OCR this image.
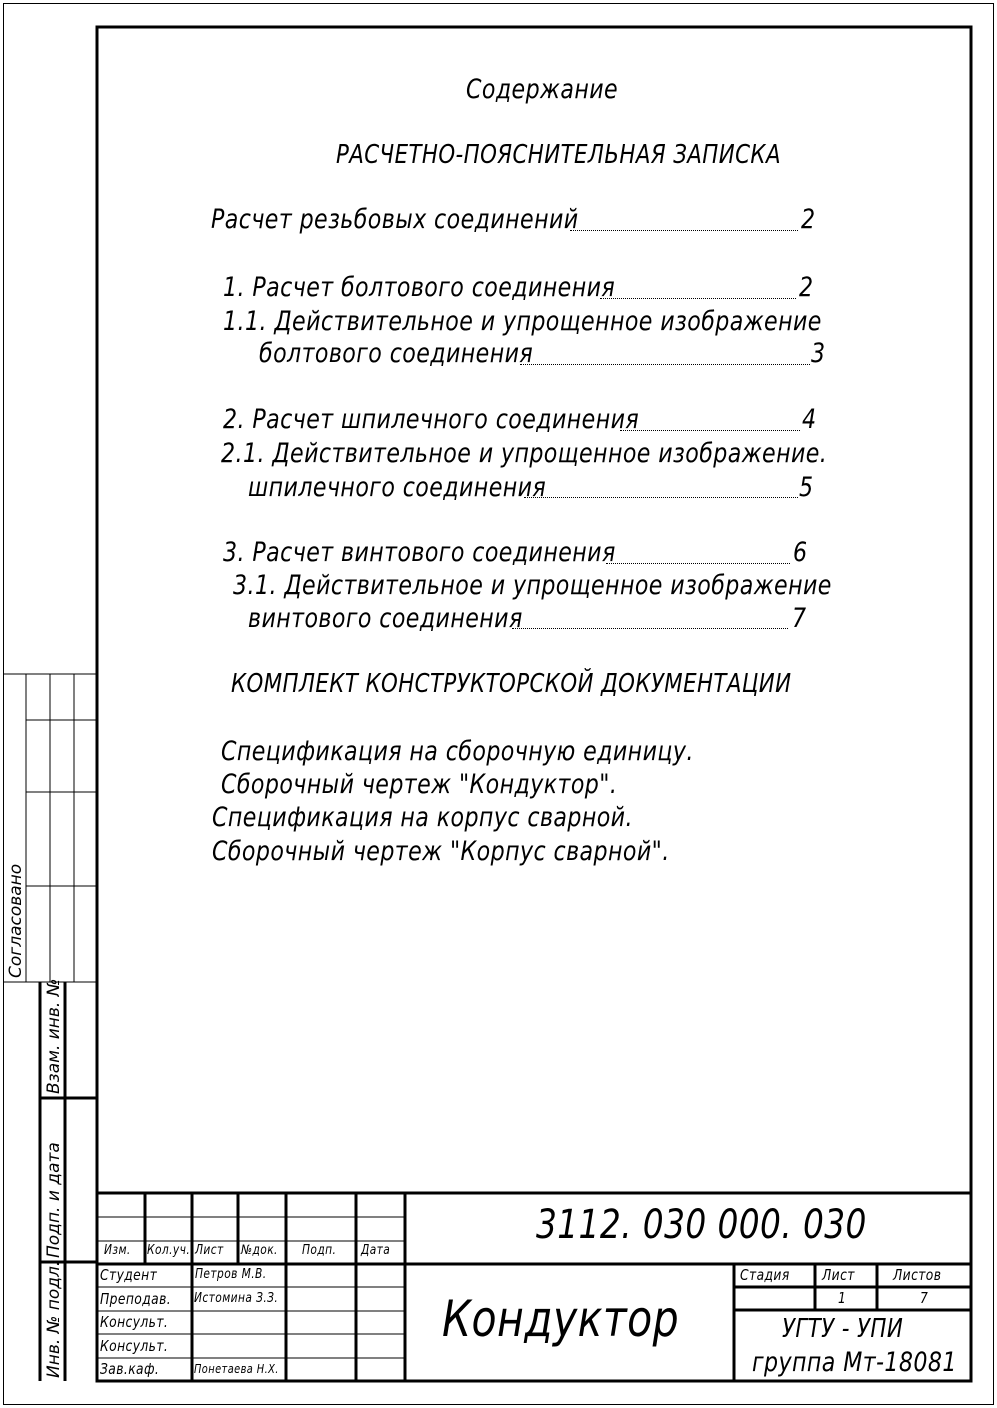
Содержание
РАСЧЕТНО-ПОЯСНИТЕЛЬНАЯ ЗАПИСКА
Расчет резьбовых соединений	2
1. Расчет болтового соединения	2
1.1. Действительное и упрощенное изображение
болтового соединения	3
2. Расчет шпилечного соединения	4
2.1. Действительное и упрощенное изображение.
шпилечного соединения	5
3. Расчет винтового соединения	6
3.1. Действительное и упрощенное изображение
винтового соединения	7
КОМПЛЕКТ КОНСТРУКТОРСКОЙ ДОКУМЕНТАЦИИ
Спецификация на сборочную единицу.
Сборочный чертеж "Кондуктор".
Спецификация на корпус сварной.
Сборочный чертеж "Корпус сварной".
Согласовано
Взам. инв. №
Подп. и дата
Инв. № подл.
3112. 030 000. 030
Изм. Кол.уч. Лист №док. Подп. Дата
Студент	Петров М.В.
Преподав. Истомина З.З.
Консульт.
Консульт.
Зав.каф.	Понетаева Н.Х.
Кондуктор
Стадия Лист	Листов
1	7
УГТУ - УПИ
группа Мт-18081
